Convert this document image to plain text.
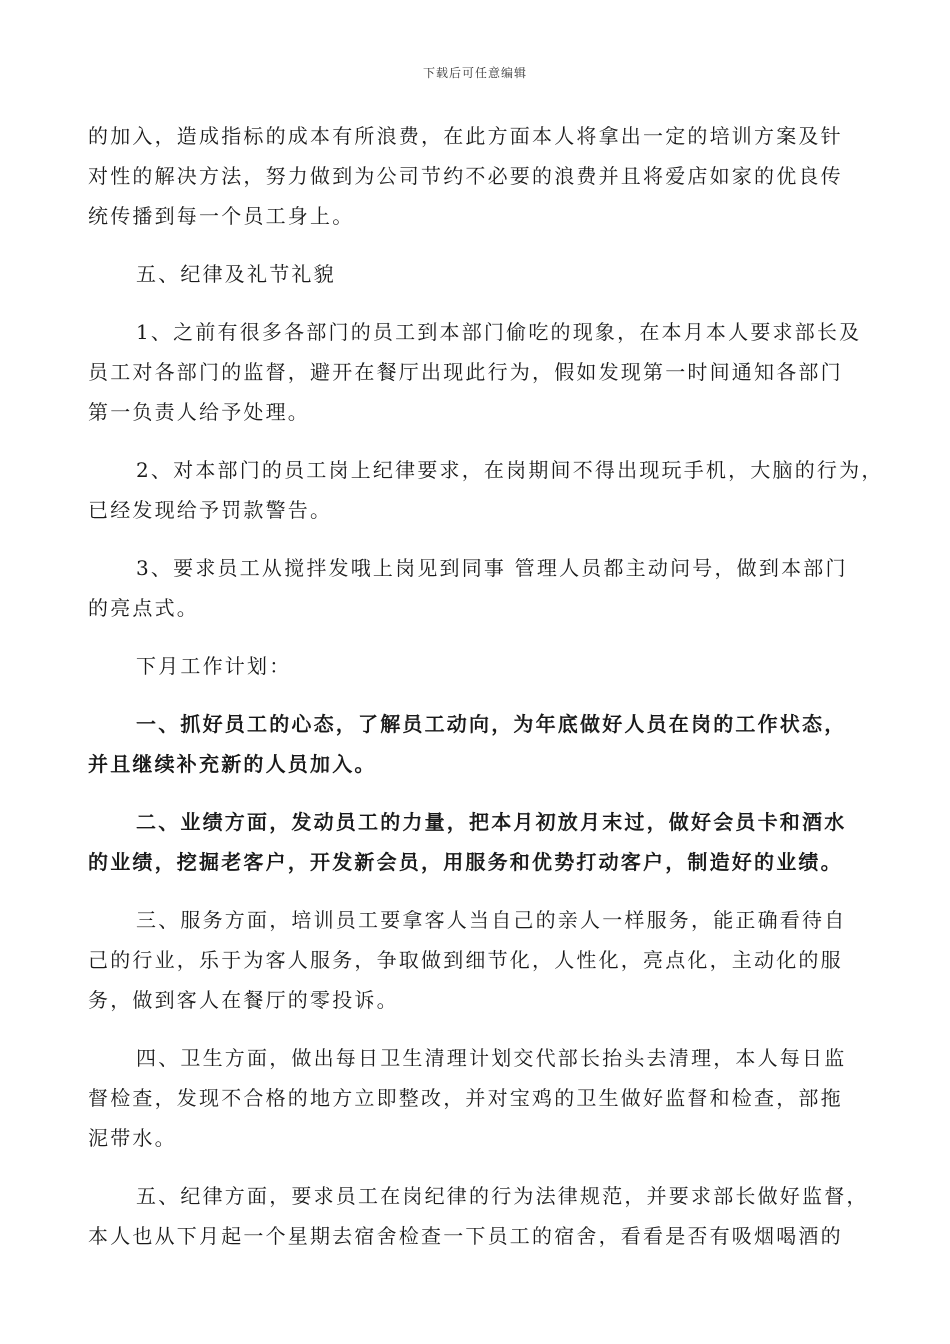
下载后可任意编辑
的加入，造成指标的成本有所浪费，在此方面本人将拿出一定的培训方案及针
对性的解决方法，努力做到为公司节约不必要的浪费并且将爱店如家的优良传
统传播到每一个员工身上。
五、纪律及礼节礼貌
1、之前有很多各部门的员工到本部门偷吃的现象，在本月本人要求部长及
员工对各部门的监督，避开在餐厅出现此行为，假如发现第一时间通知各部门
第一负责人给予处理。
2、对本部门的员工岗上纪律要求，在岗期间不得出现玩手机，大脑的行为，
已经发现给予罚款警告。
3、要求员工从搅拌发哦上岗见到同事 管理人员都主动问号，做到本部门
的亮点式。
下月工作计划：
一、抓好员工的心态，了解员工动向，为年底做好人员在岗的工作状态，
并且继续补充新的人员加入。
二、业绩方面，发动员工的力量，把本月初放月末过，做好会员卡和酒水
的业绩，挖掘老客户，开发新会员，用服务和优势打动客户，制造好的业绩。
三、服务方面，培训员工要拿客人当自己的亲人一样服务，能正确看待自
己的行业，乐于为客人服务，争取做到细节化，人性化，亮点化，主动化的服
务，做到客人在餐厅的零投诉。
四、卫生方面，做出每日卫生清理计划交代部长抬头去清理，本人每日监
督检查，发现不合格的地方立即整改，并对宝鸡的卫生做好监督和检查，部拖
泥带水。
五、纪律方面，要求员工在岗纪律的行为法律规范，并要求部长做好监督，
本人也从下月起一个星期去宿舍检查一下员工的宿舍，看看是否有吸烟喝酒的
